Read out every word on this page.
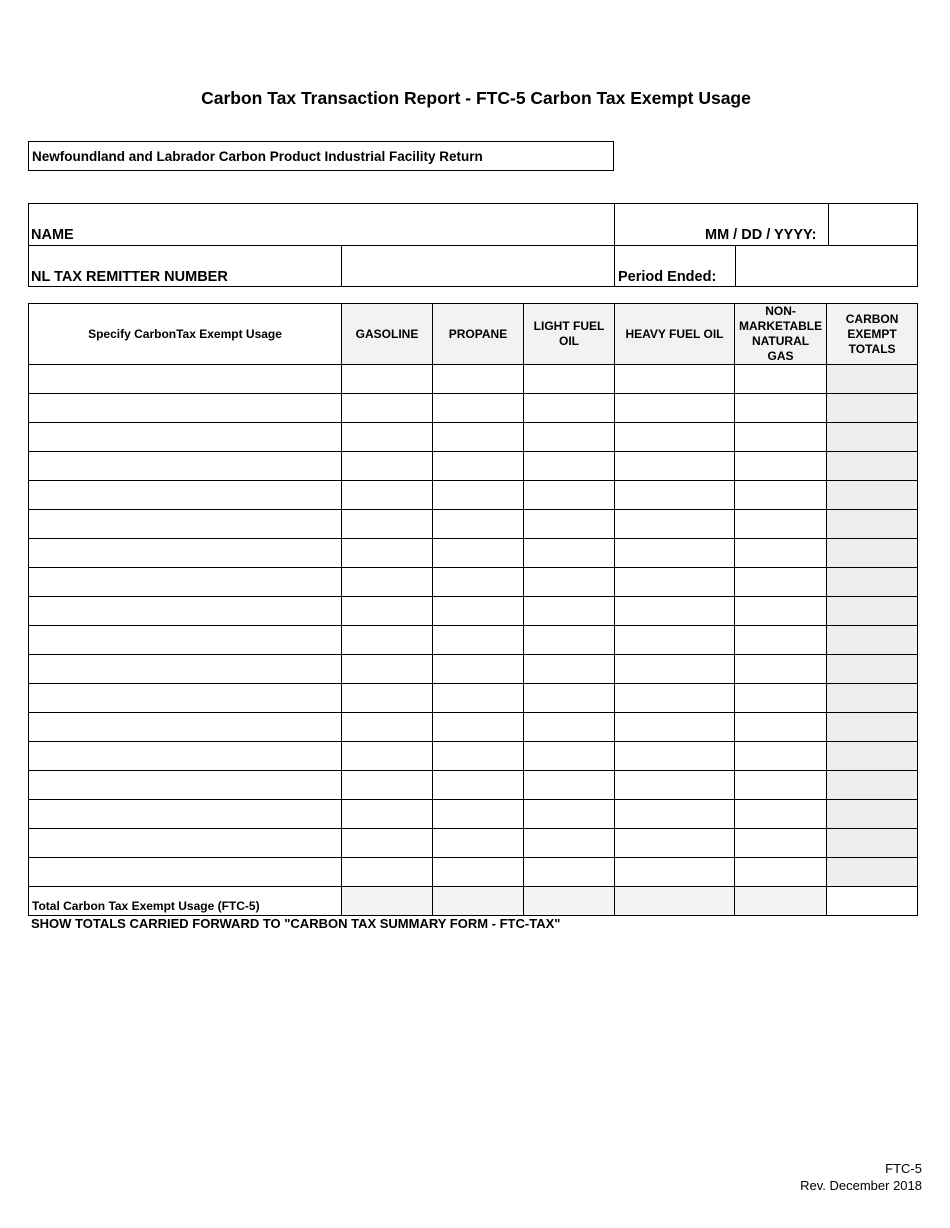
Carbon Tax Transaction Report - FTC-5 Carbon Tax Exempt Usage
Newfoundland and Labrador Carbon Product Industrial Facility Return
NAME	MM / DD / YYYY:
NL TAX REMITTER NUMBER	Period Ended:
Specify CarbonTax Exempt Usage	GASOLINE	PROPANE	LIGHT FUEL OIL	HEAVY FUEL OIL	NON-MARKETABLE NATURAL GAS	CARBON EXEMPT TOTALS

Total Carbon Tax Exempt Usage (FTC-5)						
SHOW TOTALS CARRIED FORWARD TO "CARBON TAX SUMMARY FORM - FTC-TAX"
FTC-5
Rev. December 2018
